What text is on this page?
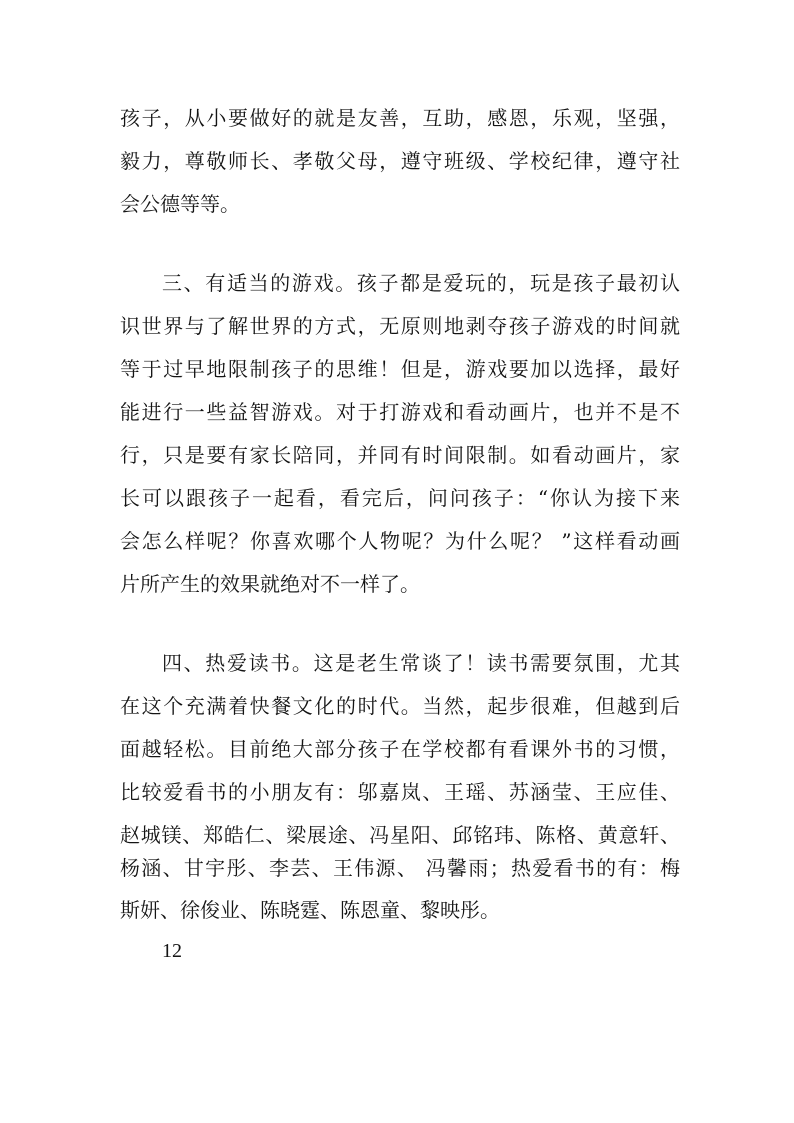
孩子，从小要做好的就是友善，互助，感恩，乐观，坚强，
毅力，尊敬师长、孝敬父母，遵守班级、学校纪律，遵守社
会公德等等。
三、有适当的游戏。孩子都是爱玩的，玩是孩子最初认
识世界与了解世界的方式，无原则地剥夺孩子游戏的时间就
等于过早地限制孩子的思维！但是，游戏要加以选择，最好
能进行一些益智游戏。对于打游戏和看动画片，也并不是不
行，只是要有家长陪同，并同有时间限制。如看动画片，家
长可以跟孩子一起看，看完后，问问孩子：“你认为接下来
会怎么样呢？你喜欢哪个人物呢？为什么呢？ ”这样看动画
片所产生的效果就绝对不一样了。
四、热爱读书。这是老生常谈了！读书需要氛围，尤其
在这个充满着快餐文化的时代。当然，起步很难，但越到后
面越轻松。目前绝大部分孩子在学校都有看课外书的习惯，
比较爱看书的小朋友有：邬嘉岚、王瑶、苏涵莹、王应佳、
赵城镁、郑皓仁、梁展途、冯星阳、邱铭玮、陈格、黄意轩、
杨涵、甘宇彤、李芸、王伟源、 冯馨雨；热爱看书的有：梅
斯妍、徐俊业、陈晓霆、陈恩童、黎映彤。
12
